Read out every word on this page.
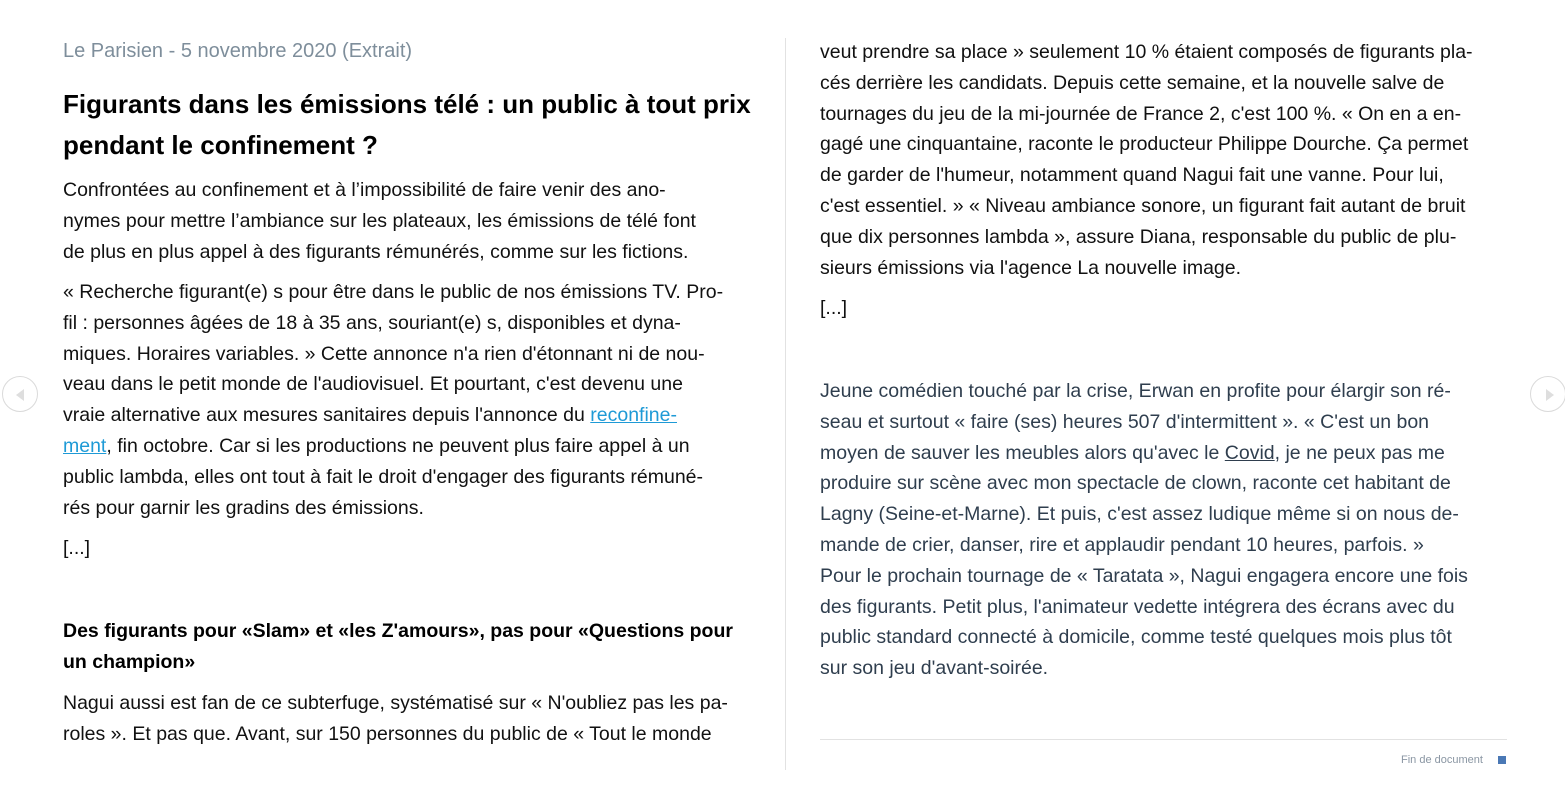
Le Parisien - 5 novembre 2020 (Extrait)
Figurants dans les émissions télé : un public à tout prix
pendant le confinement ?

Confrontées au confinement et à l’impossibilité de faire venir des ano-
nymes pour mettre l’ambiance sur les plateaux, les émissions de télé font
de plus en plus appel à des figurants rémunérés, comme sur les fictions.

« Recherche figurant(e) s pour être dans le public de nos émissions TV. Pro-
fil : personnes âgées de 18 à 35 ans, souriant(e) s, disponibles et dyna-
miques. Horaires variables. » Cette annonce n'a rien d'étonnant ni de nou-
veau dans le petit monde de l'audiovisuel. Et pourtant, c'est devenu une
vraie alternative aux mesures sanitaires depuis l'annonce du reconfine-
ment, fin octobre. Car si les productions ne peuvent plus faire appel à un
public lambda, elles ont tout à fait le droit d'engager des figurants rémuné-
rés pour garnir les gradins des émissions.

[...]

Des figurants pour «Slam» et «les Z'amours», pas pour «Questions pour
un champion»

Nagui aussi est fan de ce subterfuge, systématisé sur « N'oubliez pas les pa-
roles ». Et pas que. Avant, sur 150 personnes du public de « Tout le monde

veut prendre sa place » seulement 10 % étaient composés de figurants pla-
cés derrière les candidats. Depuis cette semaine, et la nouvelle salve de
tournages du jeu de la mi-journée de France 2, c'est 100 %. « On en a en-
gagé une cinquantaine, raconte le producteur Philippe Dourche. Ça permet
de garder de l'humeur, notamment quand Nagui fait une vanne. Pour lui,
c'est essentiel. » « Niveau ambiance sonore, un figurant fait autant de bruit
que dix personnes lambda », assure Diana, responsable du public de plu-
sieurs émissions via l'agence La nouvelle image.

[...]

Jeune comédien touché par la crise, Erwan en profite pour élargir son ré-
seau et surtout « faire (ses) heures 507 d'intermittent ». « C'est un bon
moyen de sauver les meubles alors qu'avec le Covid, je ne peux pas me
produire sur scène avec mon spectacle de clown, raconte cet habitant de
Lagny (Seine-et-Marne). Et puis, c'est assez ludique même si on nous de-
mande de crier, danser, rire et applaudir pendant 10 heures, parfois. »
Pour le prochain tournage de « Taratata », Nagui engagera encore une fois
des figurants. Petit plus, l'animateur vedette intégrera des écrans avec du
public standard connecté à domicile, comme testé quelques mois plus tôt
sur son jeu d'avant-soirée.

Fin de document
